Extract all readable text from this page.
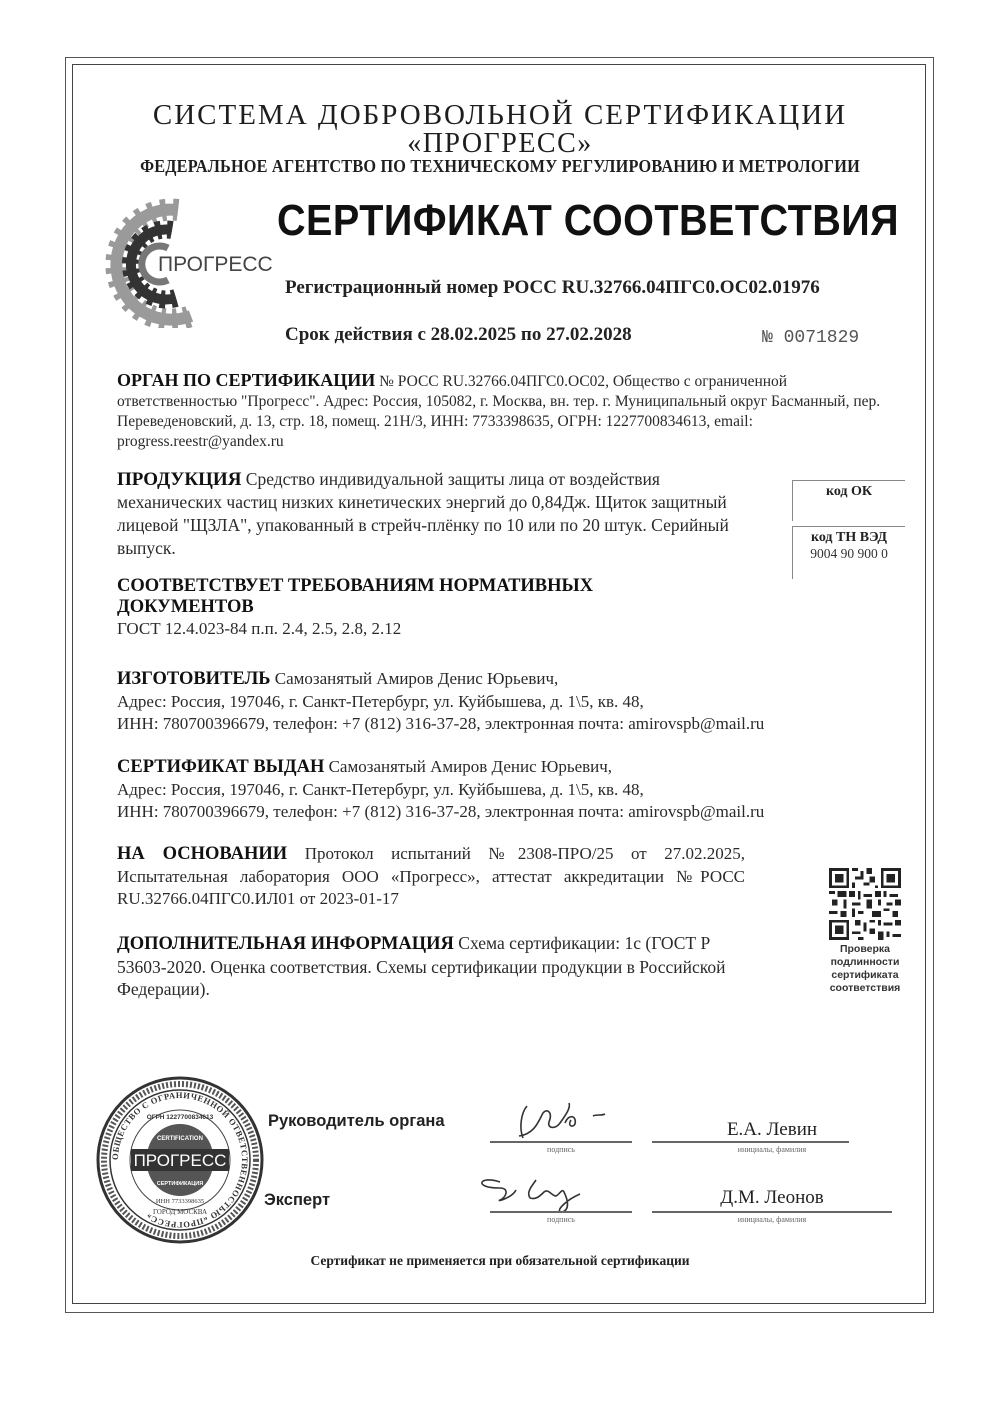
СИСТЕМА ДОБРОВОЛЬНОЙ СЕРТИФИКАЦИИ
«ПРОГРЕСС»
ФЕДЕРАЛЬНОЕ АГЕНТСТВО ПО ТЕХНИЧЕСКОМУ РЕГУЛИРОВАНИЮ И МЕТРОЛОГИИ
ПРОГРЕСС
СЕРТИФИКАТ СООТВЕТСТВИЯ
Регистрационный номер РОСС RU.32766.04ПГС0.ОС02.01976
Срок действия с 28.02.2025 по 27.02.2028	№ 0071829
ОРГАН ПО СЕРТИФИКАЦИИ № РОСС RU.32766.04ПГС0.ОС02, Общество с ограниченной ответственностью "Прогресс". Адрес: Россия, 105082, г. Москва, вн. тер. г. Муниципальный округ Басманный, пер. Переведеновский, д. 13, стр. 18, помещ. 21Н/3, ИНН: 7733398635, ОГРН: 1227700834613, email: progress.reestr@yandex.ru
ПРОДУКЦИЯ Средство индивидуальной защиты лица от воздействия механических частиц низких кинетических энергий до 0,84Дж. Щиток защитный лицевой "ЩЗЛА", упакованный в стрейч-плёнку по 10 или по 20 штук. Серийный выпуск.
код ОК
код ТН ВЭД
9004 90 900 0
СООТВЕТСТВУЕТ ТРЕБОВАНИЯМ НОРМАТИВНЫХ ДОКУМЕНТОВ
ГОСТ 12.4.023-84 п.п. 2.4, 2.5, 2.8, 2.12
ИЗГОТОВИТЕЛЬ Самозанятый Амиров Денис Юрьевич,
Адрес: Россия, 197046, г. Санкт-Петербург, ул. Куйбышева, д. 1\5, кв. 48,
ИНН: 780700396679, телефон: +7 (812) 316-37-28, электронная почта: amirovspb@mail.ru
СЕРТИФИКАТ ВЫДАН Самозанятый Амиров Денис Юрьевич,
Адрес: Россия, 197046, г. Санкт-Петербург, ул. Куйбышева, д. 1\5, кв. 48,
ИНН: 780700396679, телефон: +7 (812) 316-37-28, электронная почта: amirovspb@mail.ru
НА ОСНОВАНИИ Протокол испытаний №2308-ПРО/25 от 27.02.2025, Испытательная лаборатория ООО «Прогресс», аттестат аккредитации №РОСС RU.32766.04ПГС0.ИЛ01 от 2023-01-17
ДОПОЛНИТЕЛЬНАЯ ИНФОРМАЦИЯ Схема сертификации: 1с (ГОСТ Р 53603-2020. Оценка соответствия. Схемы сертификации продукции в Российской Федерации).
Проверка
подлинности
сертификата
соответствия
ОБЩЕСТВО С ОГРАНИЧЕННОЙ ОТВЕТСТВЕННОСТЬЮ «ПРОГРЕСС»
ОГРН 1227700834613
CERTIFICATION
СЕРТИФИКАЦИЯ
ПРОГРЕСС
ИНН 7733398635
ГОРОД МОСКВА
Руководитель органа
Эксперт
подпись
Е.А. Левин
инициалы, фамилия
подпись
Д.М. Леонов
инициалы, фамилия
Сертификат не применяется при обязательной сертификации
